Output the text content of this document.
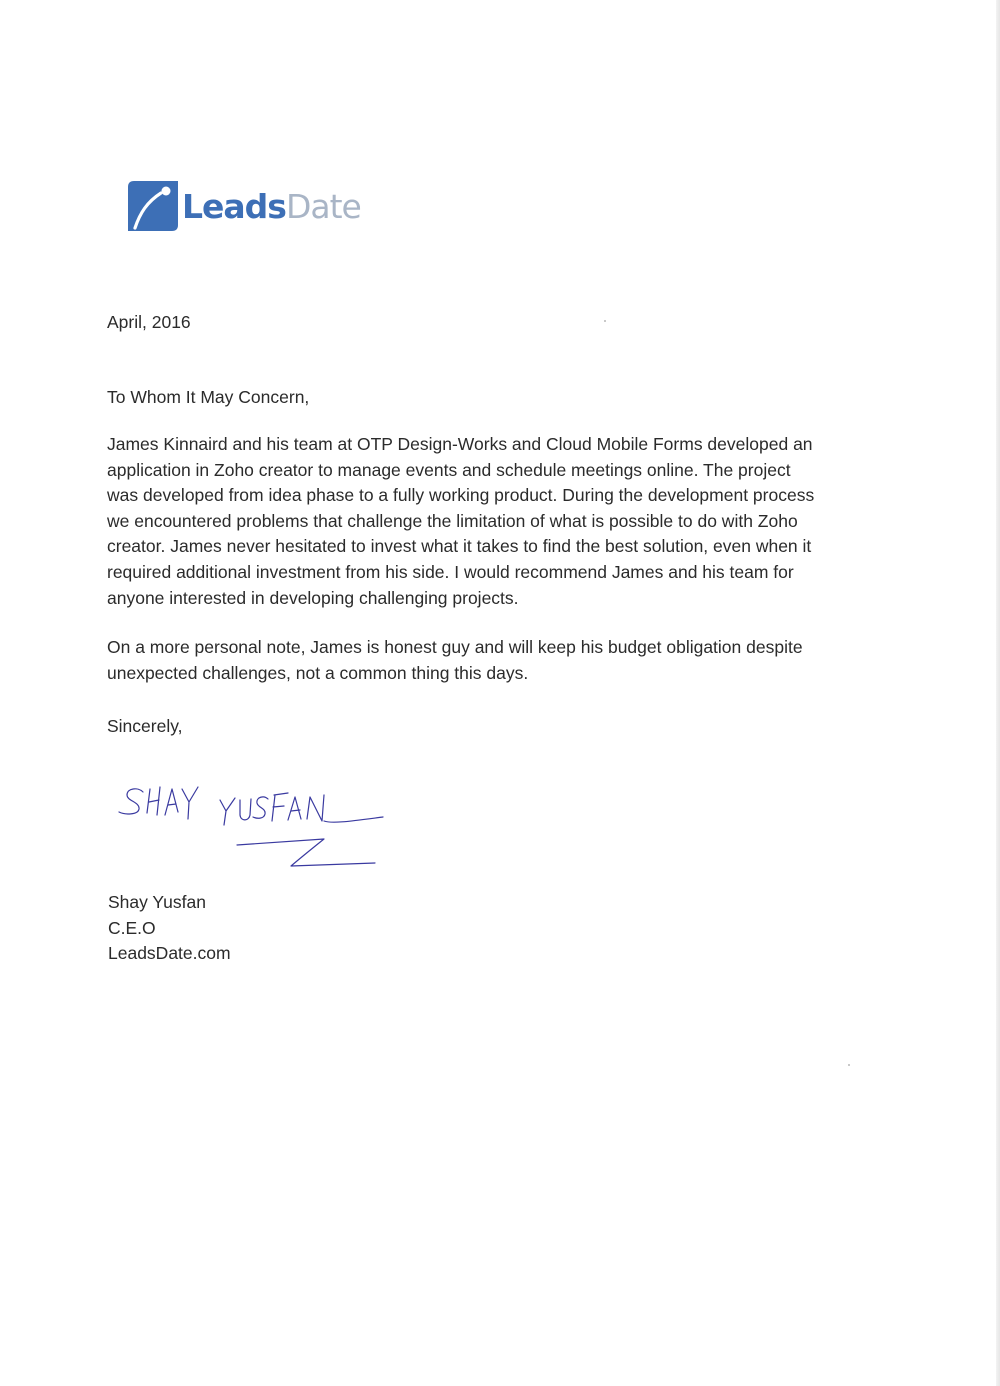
LeadsDate
April, 2016
To Whom It May Concern,
James Kinnaird and his team at OTP Design-Works and Cloud Mobile Forms developed an
application in Zoho creator to manage events and schedule meetings online. The project
was developed from idea phase to a fully working product. During the development process
we encountered problems that challenge the limitation of what is possible to do with Zoho
creator. James never hesitated to invest what it takes to find the best solution, even when it
required additional investment from his side. I would recommend James and his team for
anyone interested in developing challenging projects.
On a more personal note, James is honest guy and will keep his budget obligation despite
unexpected challenges, not a common thing this days.
Sincerely,
Shay Yusfan
C.E.O
LeadsDate.com
